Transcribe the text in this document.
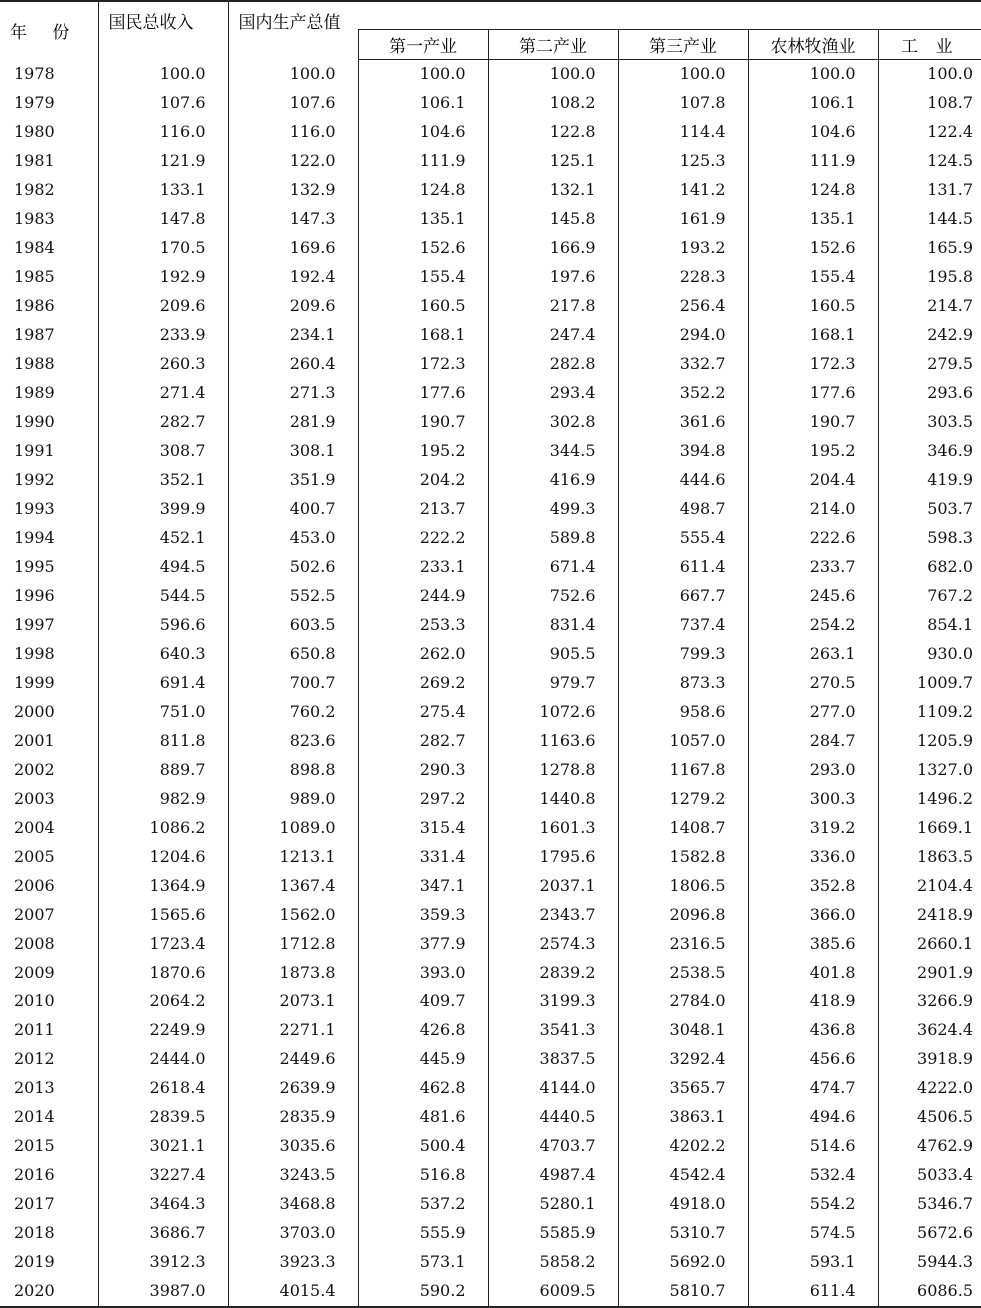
年 份	国民总收入	国内生产总值					
			第一产业	第二产业	第三产业	农林牧渔业	工 业
1978	100.0	100.0	100.0	100.0	100.0	100.0	100.0
1979	107.6	107.6	106.1	108.2	107.8	106.1	108.7
1980	116.0	116.0	104.6	122.8	114.4	104.6	122.4
1981	121.9	122.0	111.9	125.1	125.3	111.9	124.5
1982	133.1	132.9	124.8	132.1	141.2	124.8	131.7
1983	147.8	147.3	135.1	145.8	161.9	135.1	144.5
1984	170.5	169.6	152.6	166.9	193.2	152.6	165.9
1985	192.9	192.4	155.4	197.6	228.3	155.4	195.8
1986	209.6	209.6	160.5	217.8	256.4	160.5	214.7
1987	233.9	234.1	168.1	247.4	294.0	168.1	242.9
1988	260.3	260.4	172.3	282.8	332.7	172.3	279.5
1989	271.4	271.3	177.6	293.4	352.2	177.6	293.6
1990	282.7	281.9	190.7	302.8	361.6	190.7	303.5
1991	308.7	308.1	195.2	344.5	394.8	195.2	346.9
1992	352.1	351.9	204.2	416.9	444.6	204.4	419.9
1993	399.9	400.7	213.7	499.3	498.7	214.0	503.7
1994	452.1	453.0	222.2	589.8	555.4	222.6	598.3
1995	494.5	502.6	233.1	671.4	611.4	233.7	682.0
1996	544.5	552.5	244.9	752.6	667.7	245.6	767.2
1997	596.6	603.5	253.3	831.4	737.4	254.2	854.1
1998	640.3	650.8	262.0	905.5	799.3	263.1	930.0
1999	691.4	700.7	269.2	979.7	873.3	270.5	1009.7
2000	751.0	760.2	275.4	1072.6	958.6	277.0	1109.2
2001	811.8	823.6	282.7	1163.6	1057.0	284.7	1205.9
2002	889.7	898.8	290.3	1278.8	1167.8	293.0	1327.0
2003	982.9	989.0	297.2	1440.8	1279.2	300.3	1496.2
2004	1086.2	1089.0	315.4	1601.3	1408.7	319.2	1669.1
2005	1204.6	1213.1	331.4	1795.6	1582.8	336.0	1863.5
2006	1364.9	1367.4	347.1	2037.1	1806.5	352.8	2104.4
2007	1565.6	1562.0	359.3	2343.7	2096.8	366.0	2418.9
2008	1723.4	1712.8	377.9	2574.3	2316.5	385.6	2660.1
2009	1870.6	1873.8	393.0	2839.2	2538.5	401.8	2901.9
2010	2064.2	2073.1	409.7	3199.3	2784.0	418.9	3266.9
2011	2249.9	2271.1	426.8	3541.3	3048.1	436.8	3624.4
2012	2444.0	2449.6	445.9	3837.5	3292.4	456.6	3918.9
2013	2618.4	2639.9	462.8	4144.0	3565.7	474.7	4222.0
2014	2839.5	2835.9	481.6	4440.5	3863.1	494.6	4506.5
2015	3021.1	3035.6	500.4	4703.7	4202.2	514.6	4762.9
2016	3227.4	3243.5	516.8	4987.4	4542.4	532.4	5033.4
2017	3464.3	3468.8	537.2	5280.1	4918.0	554.2	5346.7
2018	3686.7	3703.0	555.9	5585.9	5310.7	574.5	5672.6
2019	3912.3	3923.3	573.1	5858.2	5692.0	593.1	5944.3
2020	3987.0	4015.4	590.2	6009.5	5810.7	611.4	6086.5
